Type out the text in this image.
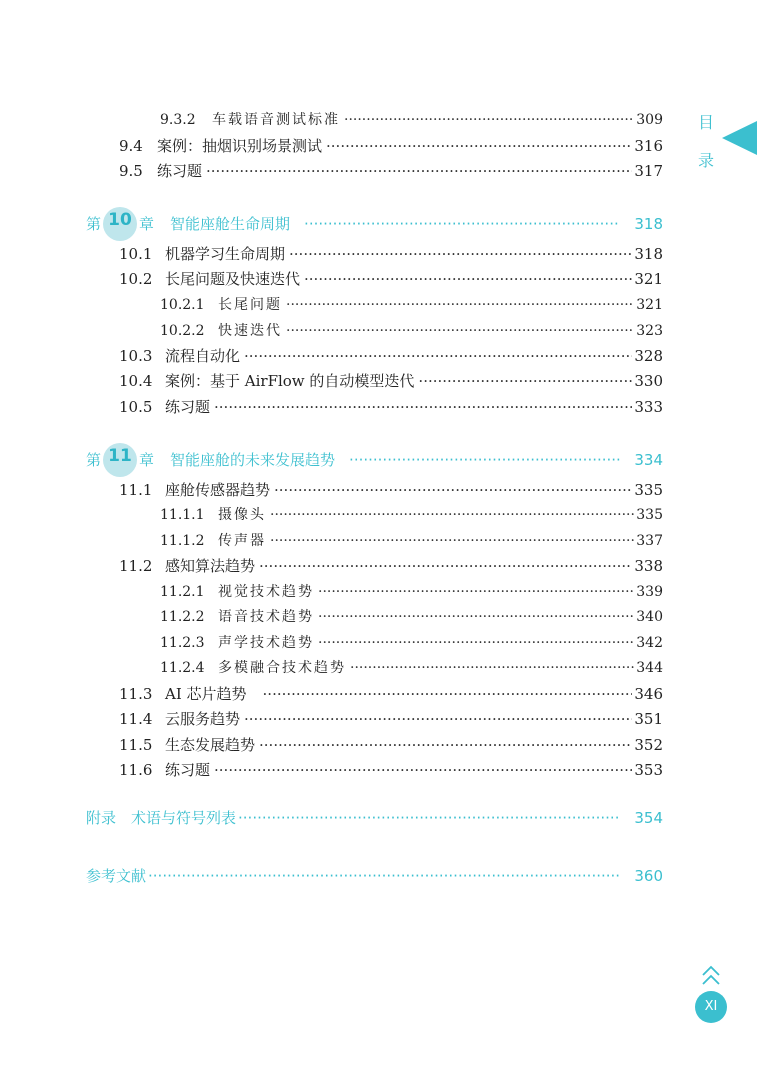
9.3.2	车载语音测试标准 ·····	309
9.4 案例：抽烟识别场景测试 ·····	316
9.5 练习题 ·····	317
第 10 章 智能座舱生命周期 ·····	318
10.1 机器学习生命周期 ·····	318
10.2 长尾问题及快速迭代 ·····	321
10.2.1 长尾问题 ·····	321
10.2.2 快速迭代 ·····	323
10.3 流程自动化 ·····	328
10.4 案例：基于 AirFlow 的自动模型迭代 ·····	330
10.5 练习题 ·····	333
第 11 章 智能座舱的未来发展趋势 ·····	334
11.1 座舱传感器趋势 ·····	335
11.1.1 摄像头 ·····	335
11.1.2 传声器 ·····	337
11.2 感知算法趋势 ·····	338
11.2.1 视觉技术趋势 ·····	339
11.2.2 语音技术趋势 ·····	340
11.2.3 声学技术趋势 ·····	342
11.2.4 多模融合技术趋势 ·····	344
11.3 AI 芯片趋势 ·····	346
11.4 云服务趋势 ·····	351
11.5 生态发展趋势 ·····	352
11.6 练习题 ·····	353
附录　术语与符号列表 ·····	354
参考文献 ·····	360
目
录
XI
